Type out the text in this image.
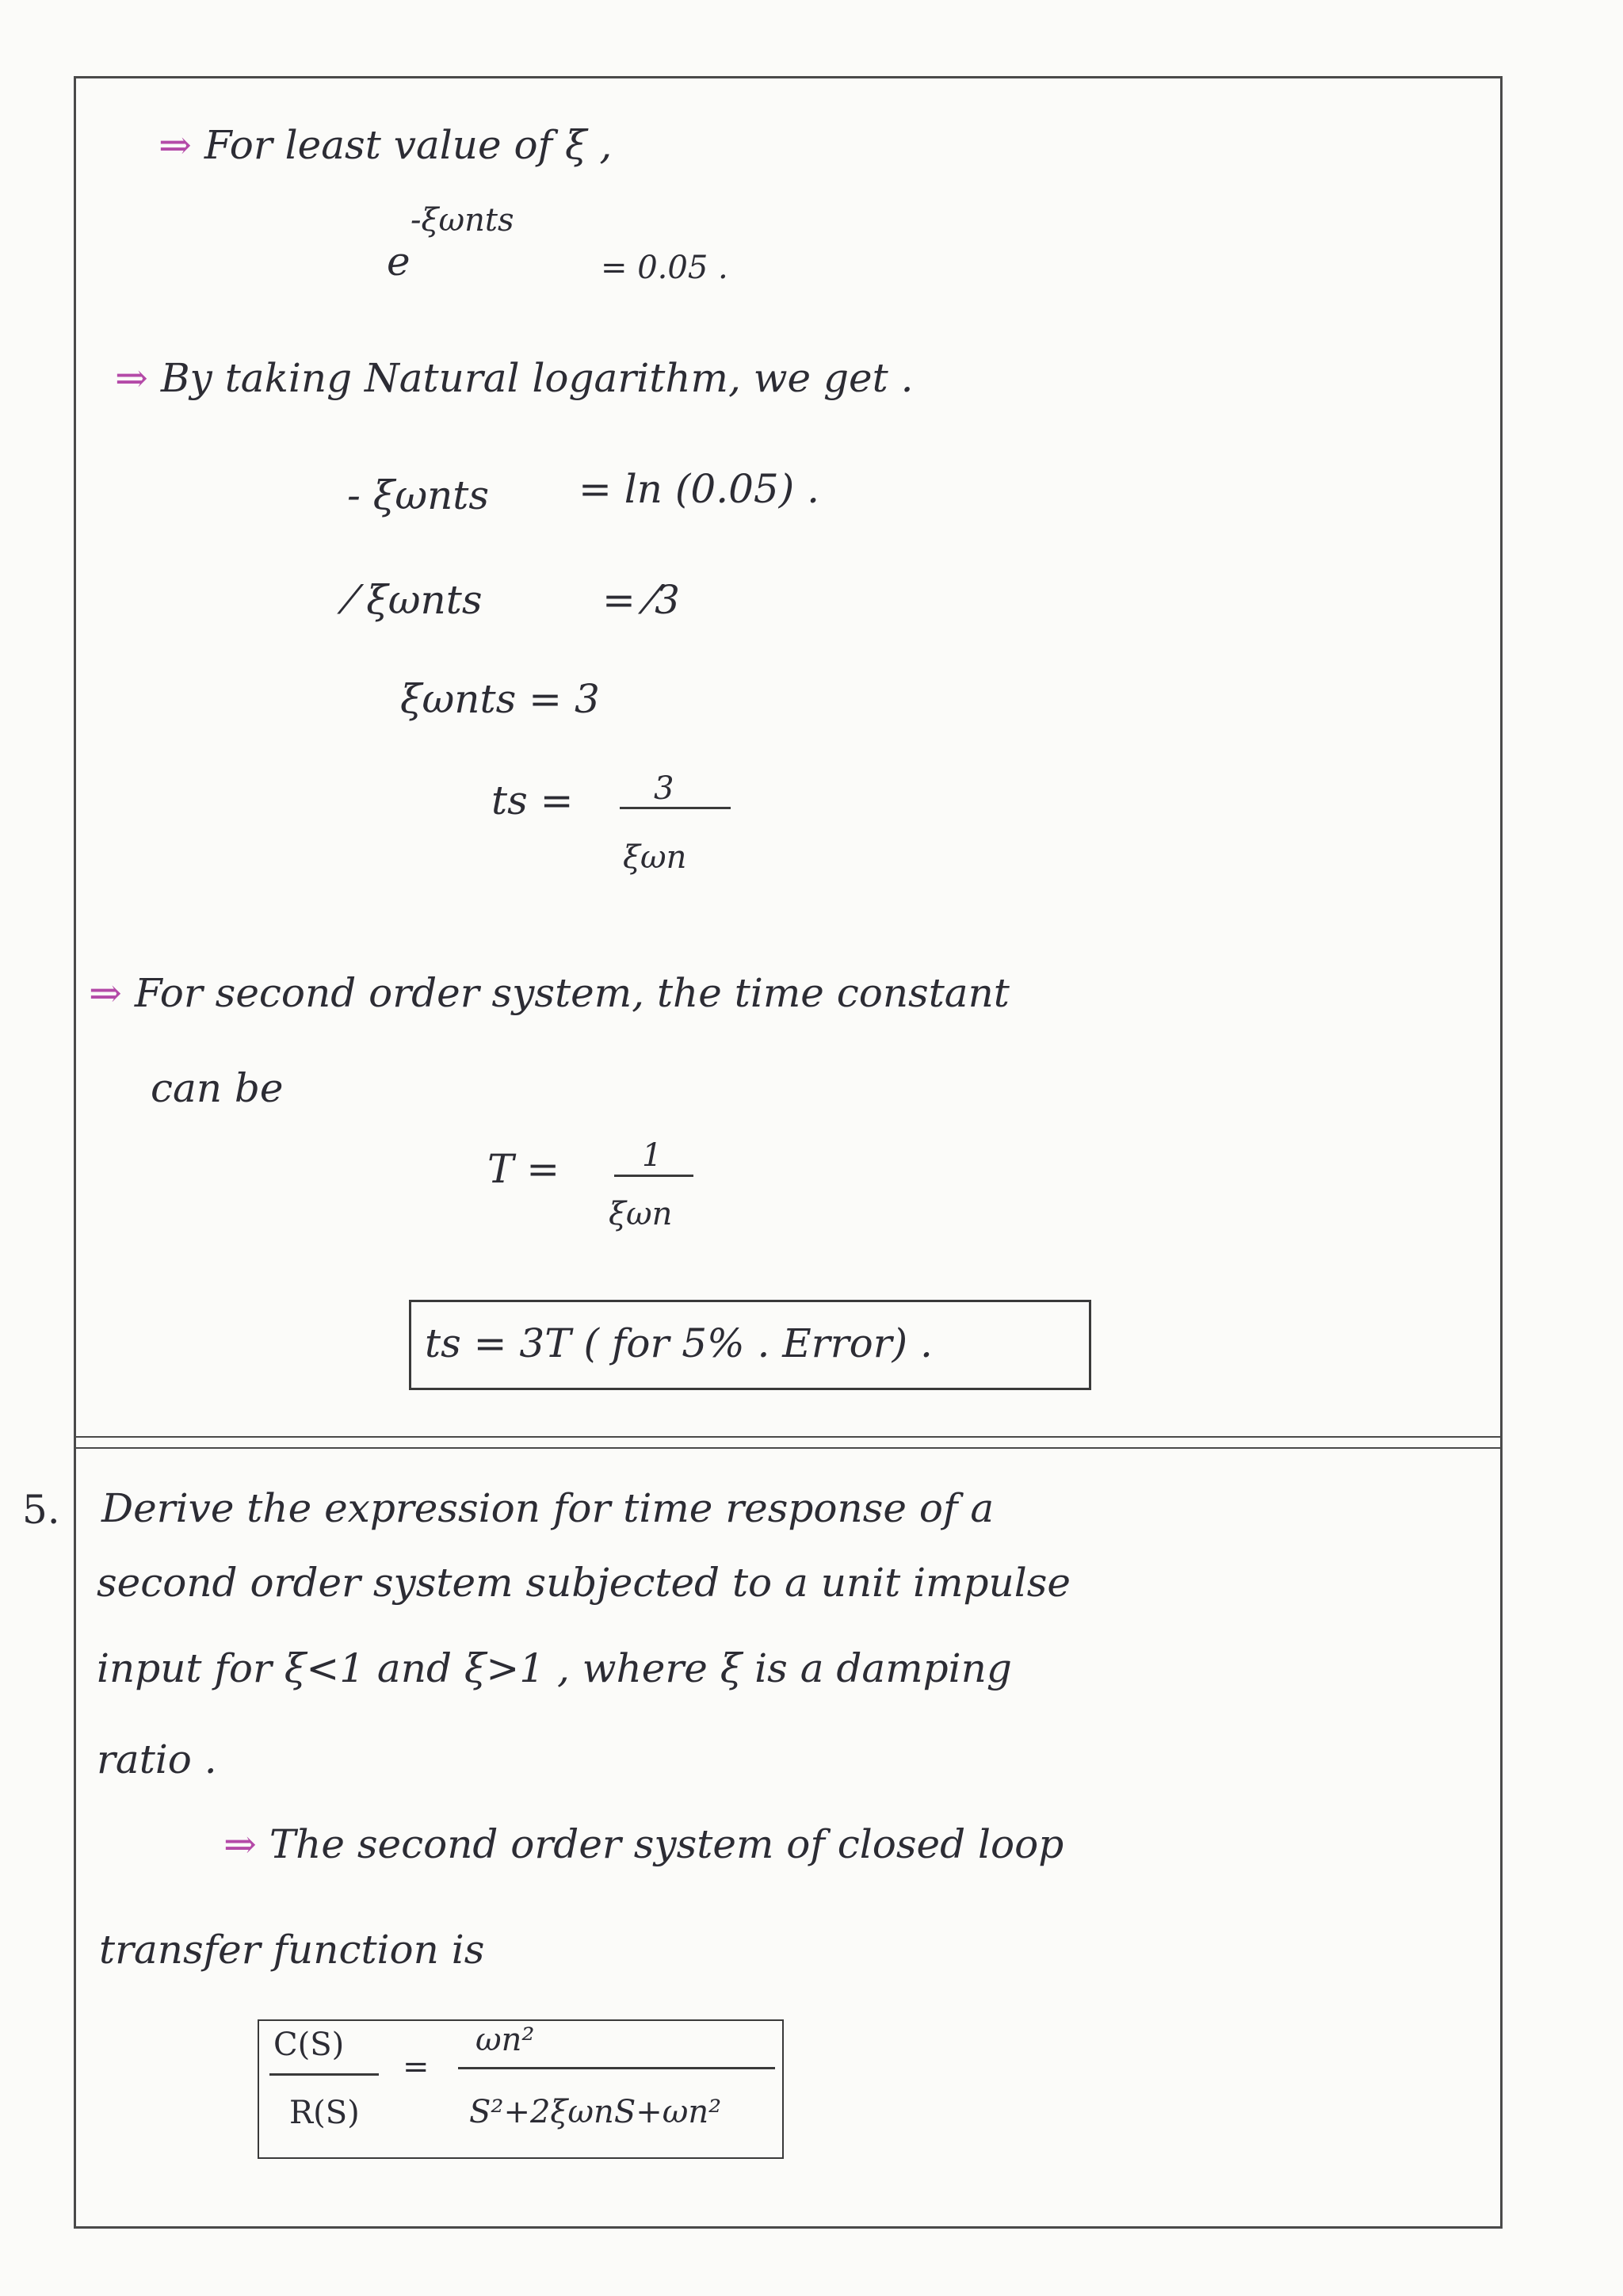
⇒ For least value of ξ ,
e
-ξωnts
= 0.05 .
⇒ By taking Natural logarithm, we get .
- ξωnts = ln (0.05) .
⁄ ξωnts	= ⁄3
ξωnts = 3
ts =	3
ξωn
⇒ For second order system, the time constant
can be
T =	1
ξωn
ts = 3T ( for 5% . Error) .
5. Derive the expression for time response of a
second order system subjected to a unit impulse
input for ξ<1 and ξ>1 , where ξ is a damping
ratio .
⇒ The second order system of closed loop
transfer function is
C(S)
R(S)
=
ωn²
S²+2ξωnS+ωn²
